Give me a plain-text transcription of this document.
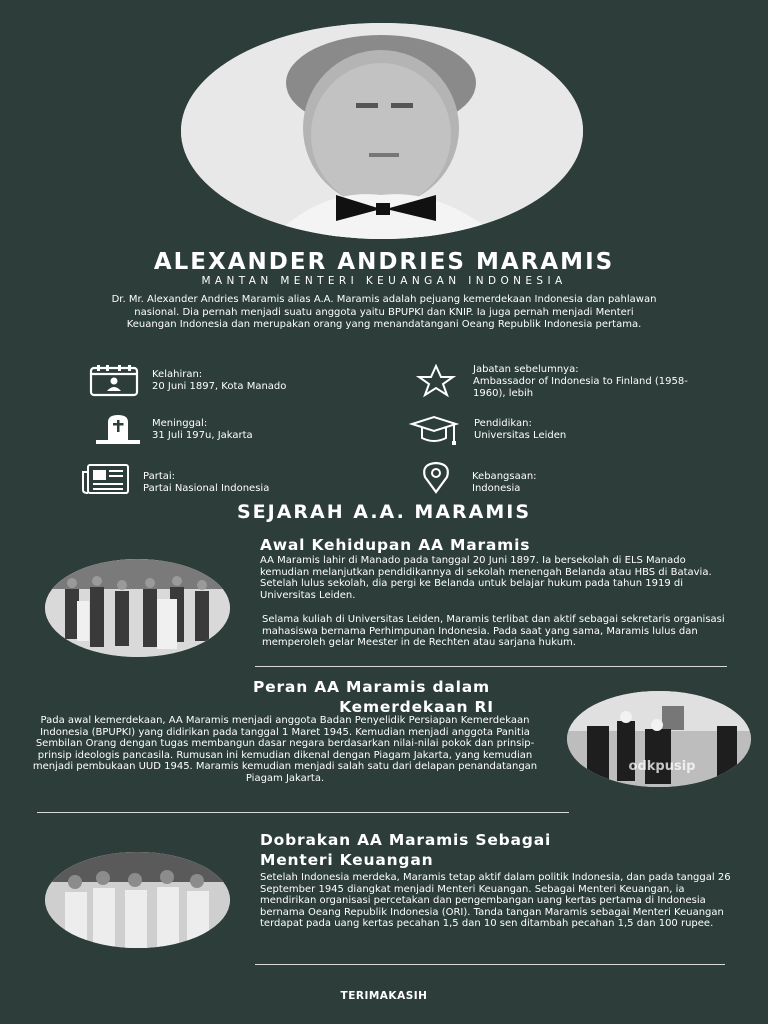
ALEXANDER ANDRIES MARAMIS
MANTAN MENTERI KEUANGAN INDONESIA
Dr. Mr. Alexander Andries Maramis alias A.A. Maramis adalah pejuang kemerdekaan Indonesia dan pahlawan nasional. Dia pernah menjadi suatu anggota yaitu BPUPKI dan KNIP. Ia juga pernah menjadi Menteri Keuangan Indonesia dan merupakan orang yang menandatangani Oeang Republik Indonesia pertama.
Kelahiran:
20 Juni 1897, Kota Manado
Jabatan sebelumnya:
Ambassador of Indonesia to Finland (1958-1960), lebih
Meninggal:
31 Juli 197u, Jakarta
Pendidikan:
Universitas Leiden
Partai:
Partai Nasional Indonesia
Kebangsaan:
Indonesia
SEJARAH A.A. MARAMIS
Awal Kehidupan AA Maramis
AA Maramis lahir di Manado pada tanggal 20 Juni 1897. Ia bersekolah di ELS Manado kemudian melanjutkan pendidikannya di sekolah menengah Belanda atau HBS di Batavia. Setelah lulus sekolah, dia pergi ke Belanda untuk belajar hukum pada tahun 1919 di Universitas Leiden.
Selama kuliah di Universitas Leiden, Maramis terlibat dan aktif sebagai sekretaris organisasi mahasiswa bernama Perhimpunan Indonesia. Pada saat yang sama, Maramis lulus dan memperoleh gelar Meester in de Rechten atau sarjana hukum.
Peran AA Maramis dalam
Kemerdekaan RI
Pada awal kemerdekaan, AA Maramis menjadi anggota Badan Penyelidik Persiapan Kemerdekaan Indonesia (BPUPKI) yang didirikan pada tanggal 1 Maret 1945. Kemudian menjadi anggota Panitia Sembilan Orang dengan tugas membangun dasar negara berdasarkan nilai-nilai pokok dan prinsip-prinsip ideologis pancasila. Rumusan ini kemudian dikenal dengan Piagam Jakarta, yang kemudian menjadi pembukaan UUD 1945. Maramis kemudian menjadi salah satu dari delapan penandatangan Piagam Jakarta.
odkpusip
Dobrakan AA Maramis Sebagai
Menteri Keuangan
Setelah Indonesia merdeka, Maramis tetap aktif dalam politik Indonesia, dan pada tanggal 26 September 1945 diangkat menjadi Menteri Keuangan. Sebagai Menteri Keuangan, ia mendirikan organisasi percetakan dan pengembangan uang kertas pertama di Indonesia bernama Oeang Republik Indonesia (ORI). Tanda tangan Maramis sebagai Menteri Keuangan terdapat pada uang kertas pecahan 1,5 dan 10 sen ditambah pecahan 1,5 dan 100 rupee.
TERIMAKASIH
